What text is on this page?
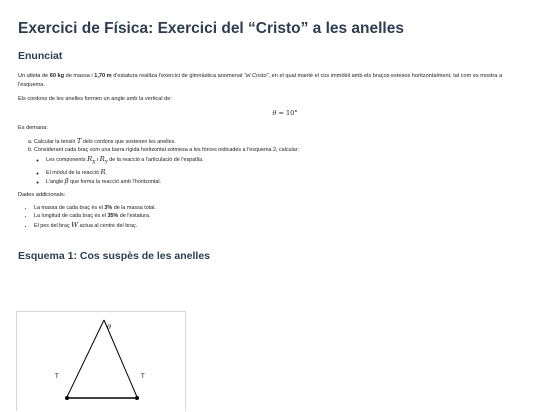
Exercici de Física: Exercici del “Cristo” a les anelles
Enunciat

Un atleta de 60 kg de massa i 1,70 m d'estatura realitza l'exercici de gimnàstica anomenat "el Cristo", en el qual manté el cos immòbil amb els braços estesos horitzontalment, tal com es mostra a l'esquema.

Els cordons de les anelles formen un angle amb la vertical de:

θ = 10°

Es demana:

a. Calcular la tensió T dels cordons que sostenen les anelles.
b. Considerant cada braç com una barra rígida horitzontal sotmesa a les forces indicades a l'esquema 2, calcular:
◦ Les components $R_X$ i $R_Y$ de la reacció a l'articulació de l'espatlla.
◦ El mòdul de la reacció R.
◦ L'angle β que forma la reacció amb l'horitzontal.

Dades addicionals:

• La massa de cada braç és el 3% de la massa total.
• La longitud de cada braç és el 35% de l'estatura.
• El pes del braç W actua al centre del braç.
Esquema 1: Cos suspès de les anelles
θ
T	T
